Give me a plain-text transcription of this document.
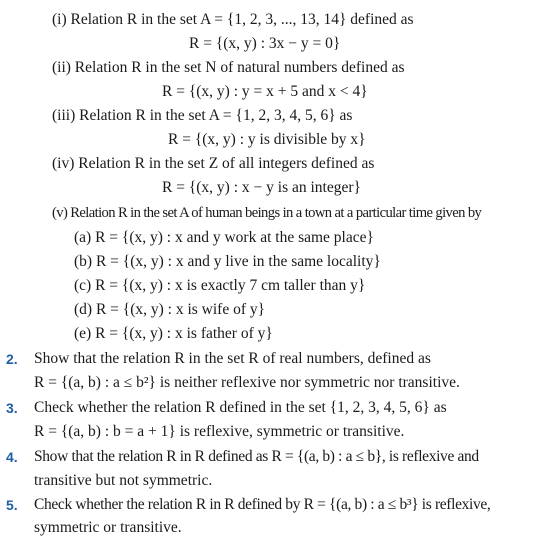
(i) Relation R in the set A = {1, 2, 3, ..., 13, 14} defined as
R = {(x, y) : 3x − y = 0}
(ii) Relation R in the set N of natural numbers defined as
R = {(x, y) : y = x + 5 and x < 4}
(iii) Relation R in the set A = {1, 2, 3, 4, 5, 6} as
R = {(x, y) : y is divisible by x}
(iv) Relation R in the set Z of all integers defined as
R = {(x, y) : x − y is an integer}
(v) Relation R in the set A of human beings in a town at a particular time given by
(a) R = {(x, y) : x and y work at the same place}
(b) R = {(x, y) : x and y live in the same locality}
(c) R = {(x, y) : x is exactly 7 cm taller than y}
(d) R = {(x, y) : x is wife of y}
(e) R = {(x, y) : x is father of y}
2. Show that the relation R in the set R of real numbers, defined as
R = {(a, b) : a ≤ b²} is neither reflexive nor symmetric nor transitive.
3. Check whether the relation R defined in the set {1, 2, 3, 4, 5, 6} as
R = {(a, b) : b = a + 1} is reflexive, symmetric or transitive.
4. Show that the relation R in R defined as R = {(a, b) : a ≤ b}, is reflexive and
transitive but not symmetric.
5. Check whether the relation R in R defined by R = {(a, b) : a ≤ b³} is reflexive,
symmetric or transitive.
